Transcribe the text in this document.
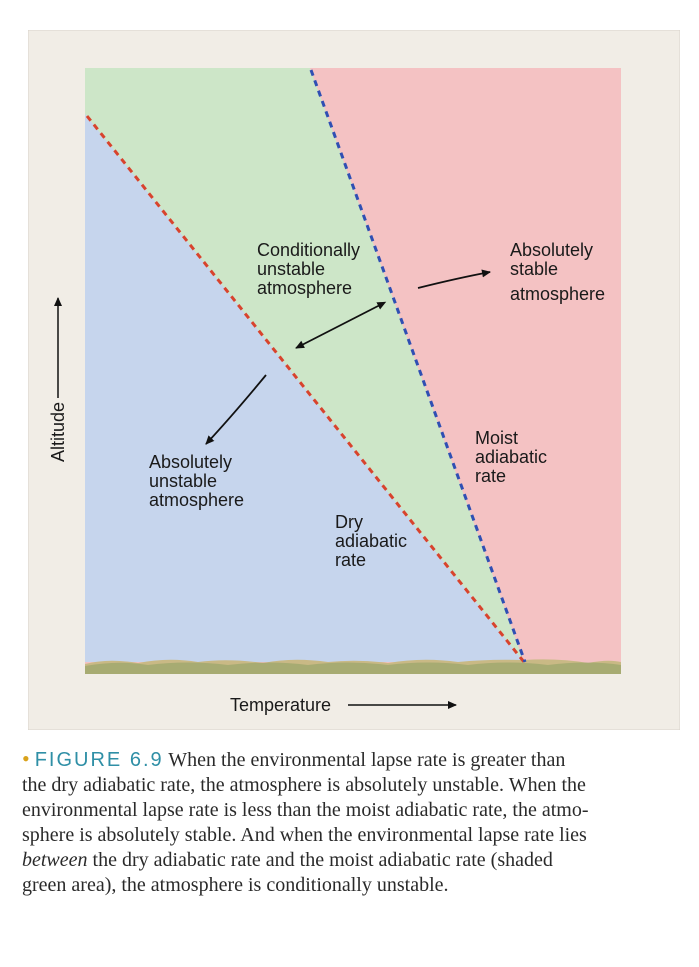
Conditionally unstable atmosphere
Absolutely stable atmosphere
Absolutely unstable atmosphere
Moist adiabatic rate
Dry adiabatic rate
Altitude
Temperature
• FIGURE 6.9 When the environmental lapse rate is greater than
the dry adiabatic rate, the atmosphere is absolutely unstable. When the
environmental lapse rate is less than the moist adiabatic rate, the atmo-
sphere is absolutely stable. And when the environmental lapse rate lies
between the dry adiabatic rate and the moist adiabatic rate (shaded
green area), the atmosphere is conditionally unstable.
